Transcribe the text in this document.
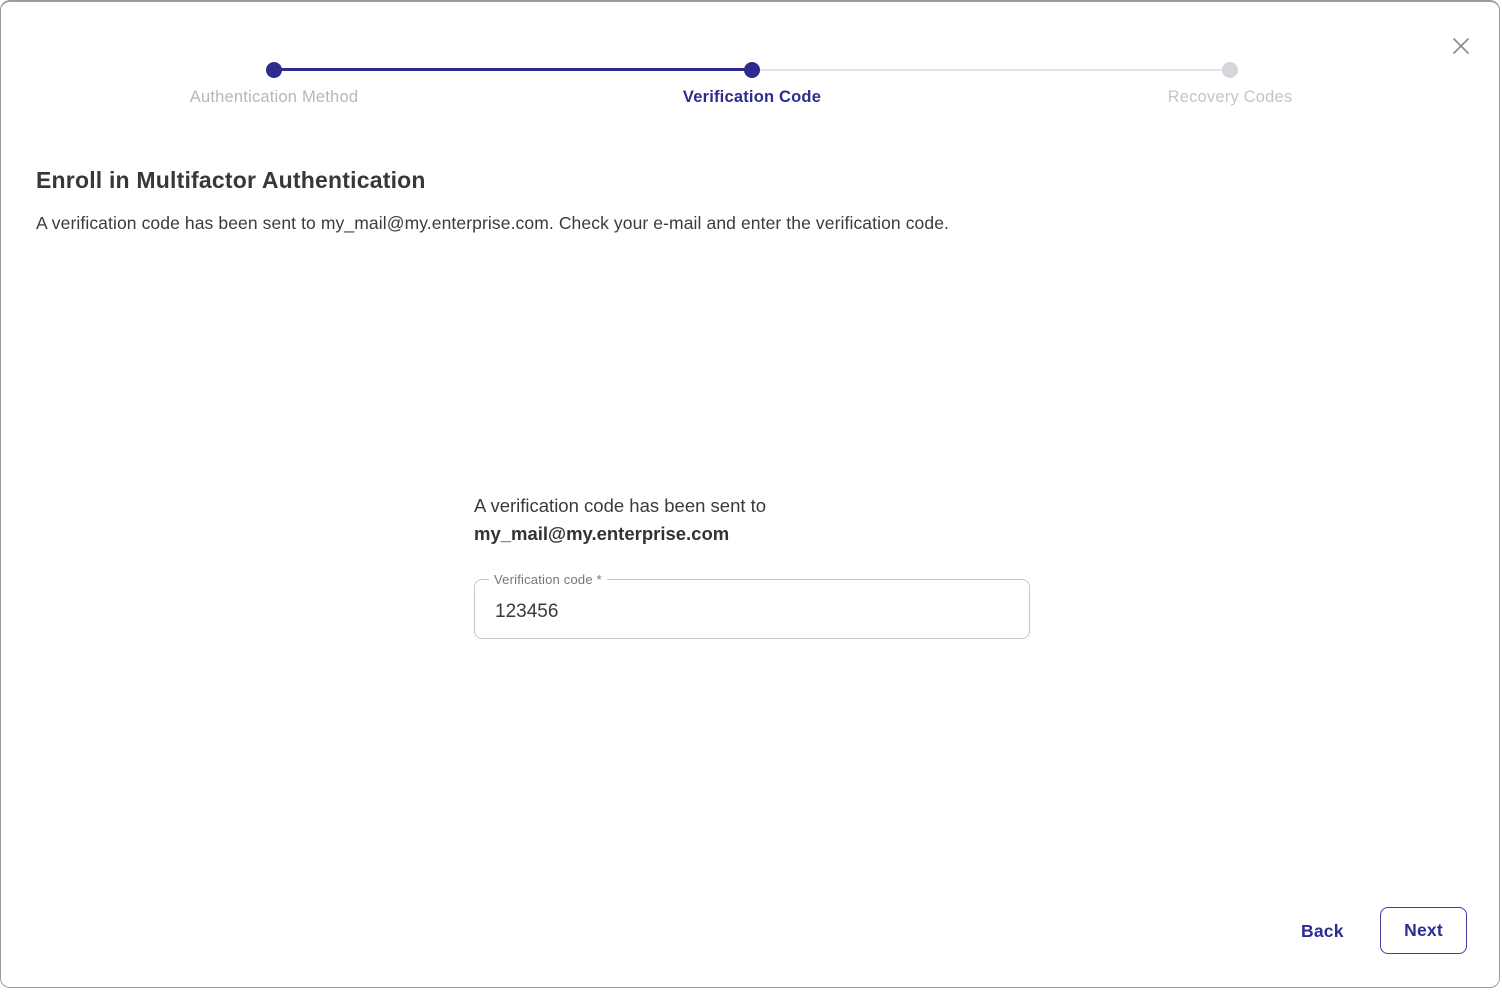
Authentication Method	Verification Code	Recovery Codes
Enroll in Multifactor Authentication

A verification code has been sent to my_mail@my.enterprise.com. Check your e-mail and enter the verification code.

A verification code has been sent to
my_mail@my.enterprise.com
Verification code *
123456
Back	Next
